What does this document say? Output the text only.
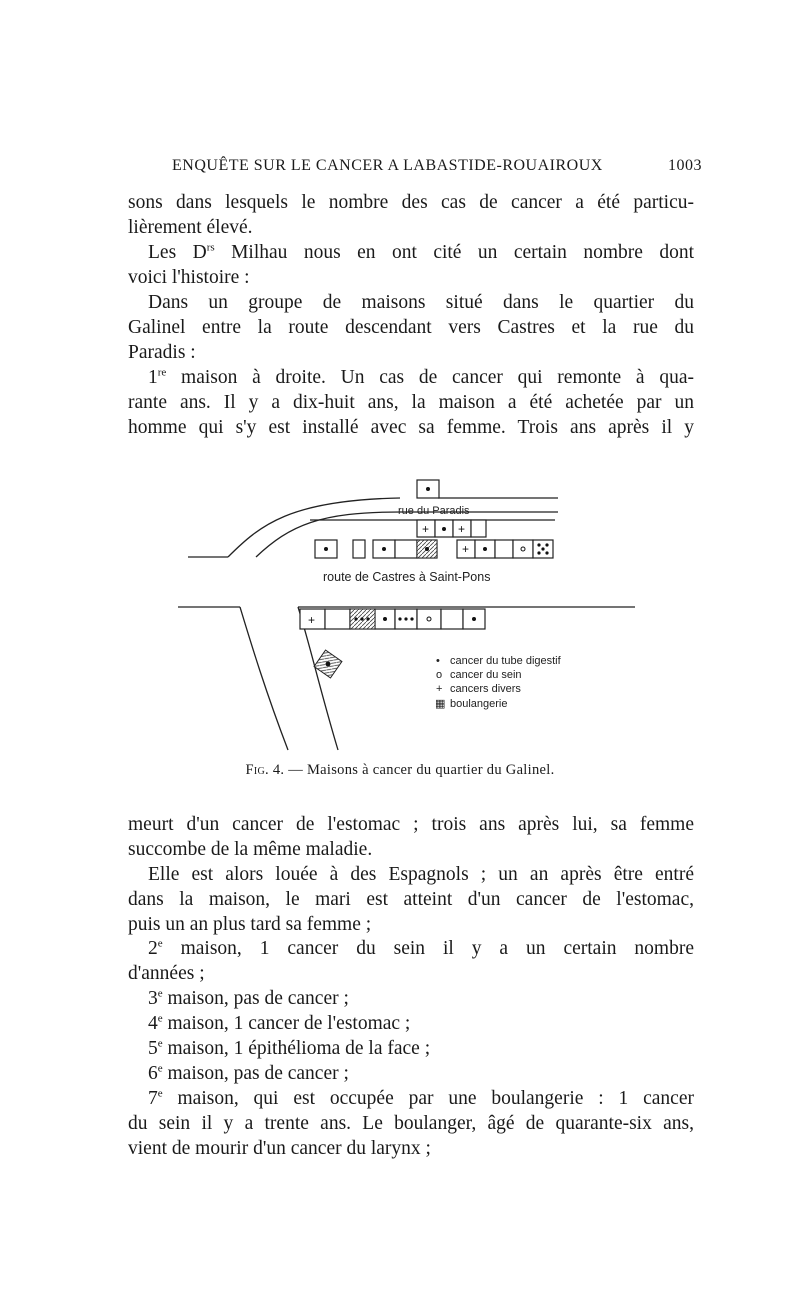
ENQUÊTE SUR LE CANCER A LABASTIDE-ROUAIROUX	1003
sons dans lesquels le nombre des cas de cancer a été particu-
lièrement élevé.
Les $D^{rs}$ Milhau nous en ont cité un certain nombre dont
voici l'histoire :
Dans un groupe de maisons situé dans le quartier du
Galinel entre la route descendant vers Castres et la rue du
Paradis :
1re maison à droite. Un cas de cancer qui remonte à qua-
rante ans. Il y a dix-huit ans, la maison a été achetée par un
homme qui s'y est installé avec sa femme. Trois ans après il y
+ +
+
+
rue du Paradis
route de Castres à Saint-Pons
• cancer du tube digestif
o cancer du sein
+ cancers divers
▦ boulangerie
Fig. 4. — Maisons à cancer du quartier du Galinel.
meurt d'un cancer de l'estomac ; trois ans après lui, sa femme
succombe de la même maladie.
Elle est alors louée à des Espagnols ; un an après être entré
dans la maison, le mari est atteint d'un cancer de l'estomac,
puis un an plus tard sa femme ;
2e maison, 1 cancer du sein il y a un certain nombre
d'années ;
3e maison, pas de cancer ;
4e maison, 1 cancer de l'estomac ;
5e maison, 1 épithélioma de la face ;
6e maison, pas de cancer ;
7e maison, qui est occupée par une boulangerie : 1 cancer
du sein il y a trente ans. Le boulanger, âgé de quarante-six ans,
vient de mourir d'un cancer du larynx ;
